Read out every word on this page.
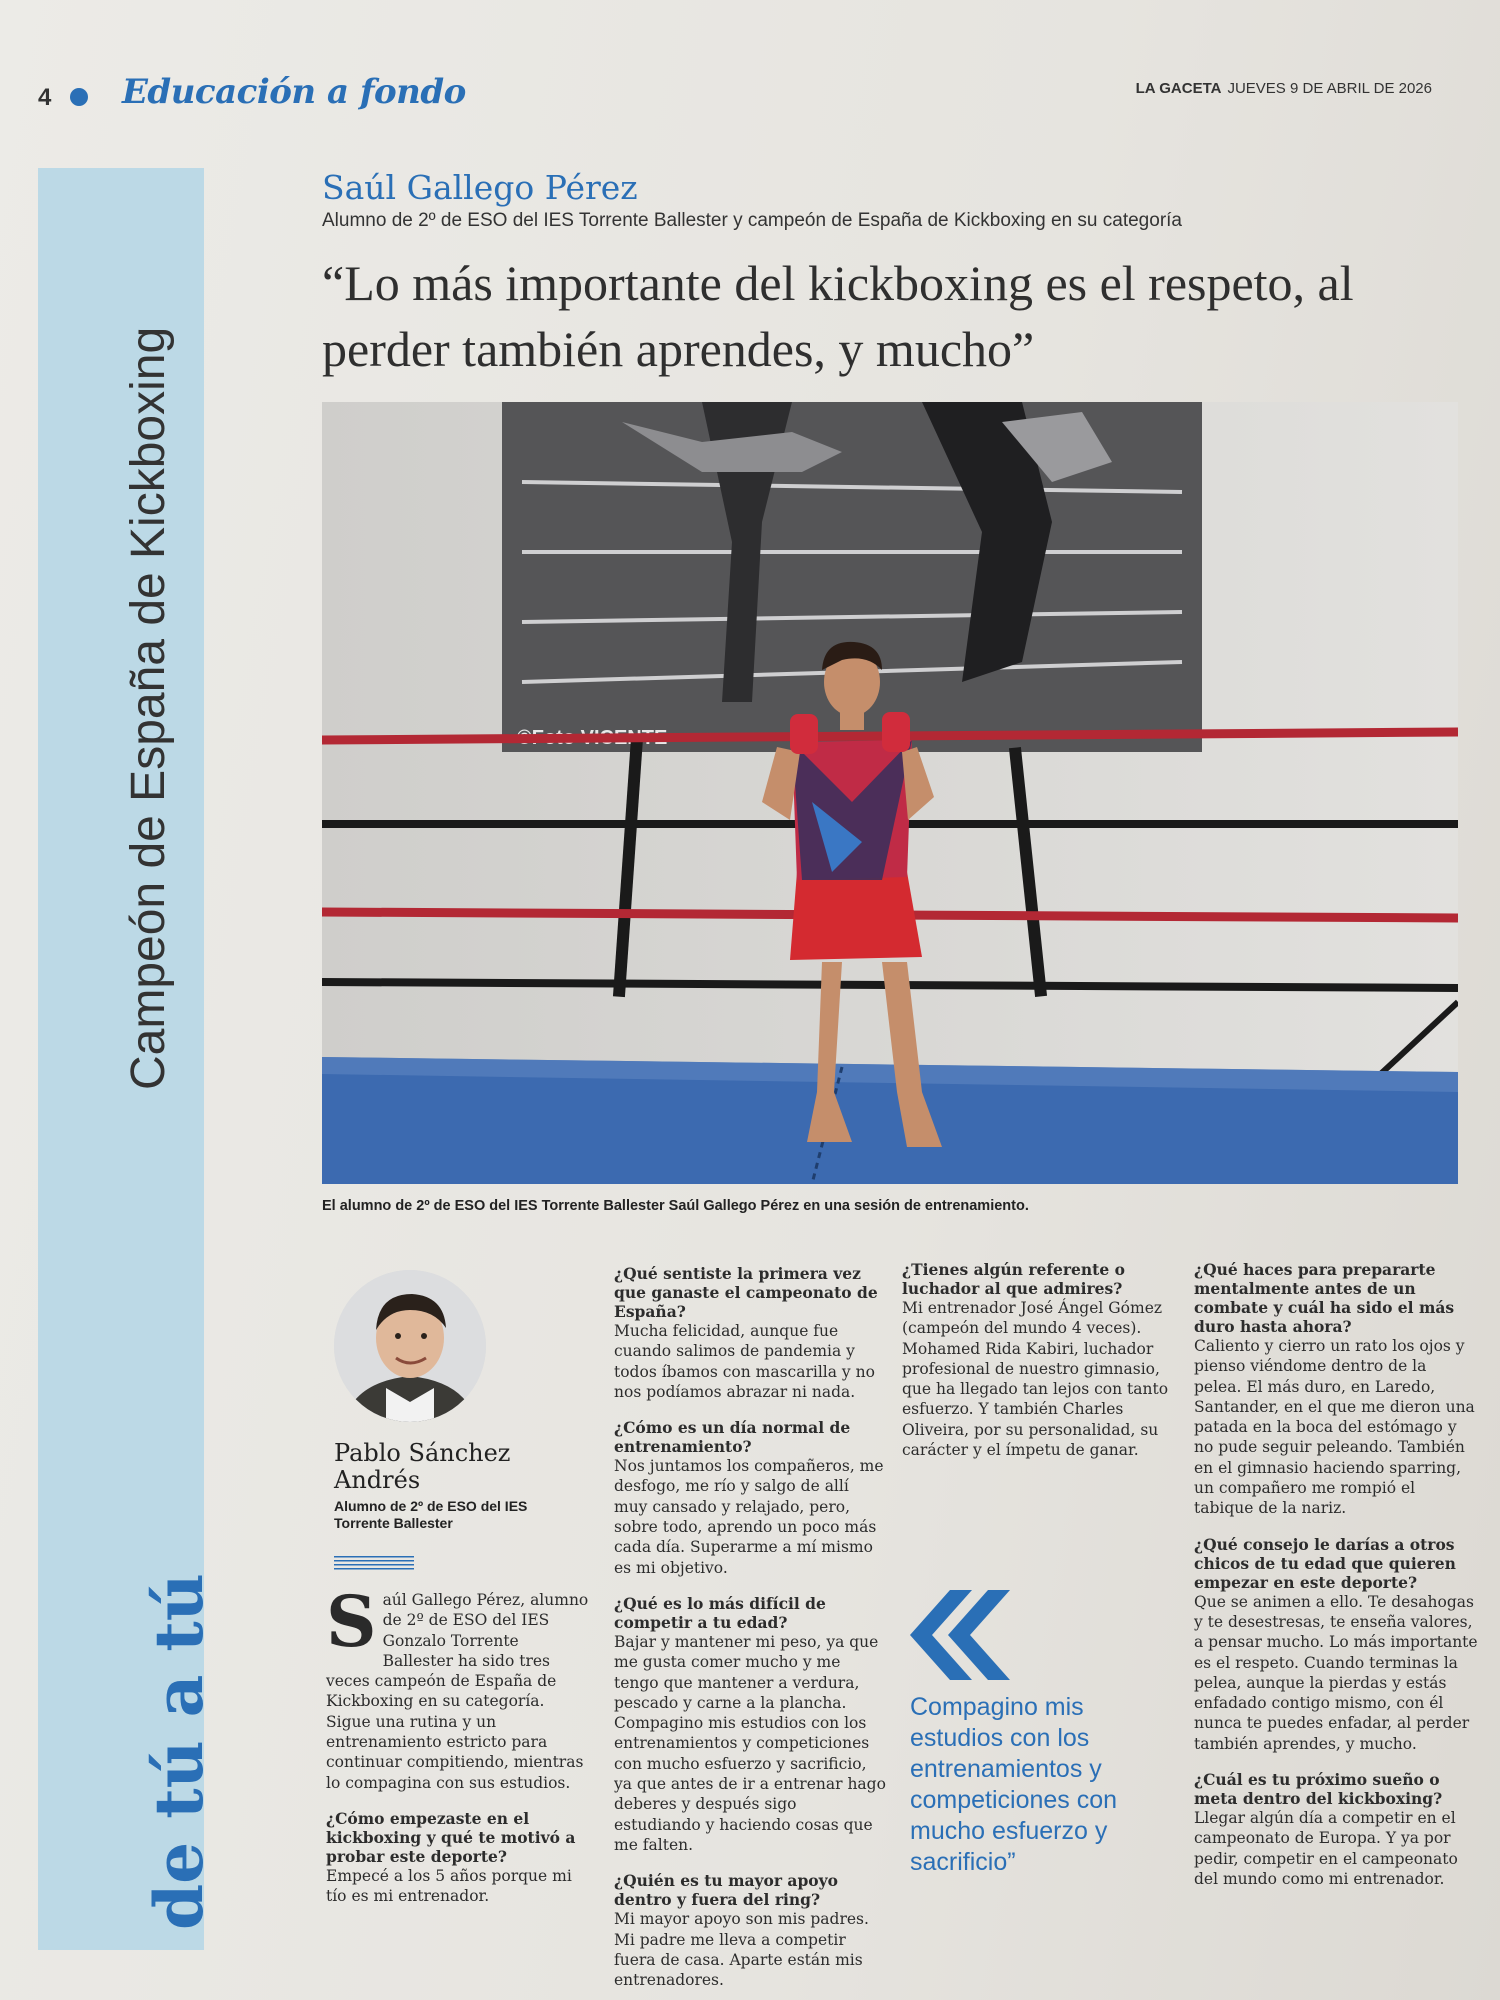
4 Educación a fondo	LA GACETA JUEVES 9 DE ABRIL DE 2026
Campeón de España de Kickboxing
de tú a tú
Saúl Gallego Pérez
Alumno de 2º de ESO del IES Torrente Ballester y campeón de España de Kickboxing en su categoría
“Lo más importante del kickboxing es el respeto, al perder también aprendes, y mucho”
El alumno de 2º de ESO del IES Torrente Ballester Saúl Gallego Pérez en una sesión de entrenamiento.
Pablo Sánchez Andrés
Alumno de 2º de ESO del IES Torrente Ballester

Saúl Gallego Pérez, alumno de 2º de ESO del IES Gonzalo Torrente Ballester ha sido tres veces campeón de España de Kickboxing en su categoría. Sigue una rutina y un entrenamiento estricto para continuar compitiendo, mientras lo compagina con sus estudios.

¿Cómo empezaste en el kickboxing y qué te motivó a probar este deporte?
Empecé a los 5 años porque mi tío es mi entrenador.

¿Qué sentiste la primera vez que ganaste el campeonato de España?
Mucha felicidad, aunque fue cuando salimos de pandemia y todos íbamos con mascarilla y no nos podíamos abrazar ni nada.

¿Cómo es un día normal de entrenamiento?
Nos juntamos los compañeros, me desfogo, me río y salgo de allí muy cansado y relajado, pero, sobre todo, aprendo un poco más cada día. Superarme a mí mismo es mi objetivo.

¿Qué es lo más difícil de competir a tu edad?
Bajar y mantener mi peso, ya que me gusta comer mucho y me tengo que mantener a verdura, pescado y carne a la plancha. Compagino mis estudios con los entrenamientos y competiciones con mucho esfuerzo y sacrificio, ya que antes de ir a entrenar hago deberes y después sigo estudiando y haciendo cosas que me falten.

¿Quién es tu mayor apoyo dentro y fuera del ring?
Mi mayor apoyo son mis padres. Mi padre me lleva a competir fuera de casa. Aparte están mis entrenadores.

¿Tienes algún referente o luchador al que admires?
Mi entrenador José Ángel Gómez (campeón del mundo 4 veces). Mohamed Rida Kabiri, luchador profesional de nuestro gimnasio, que ha llegado tan lejos con tanto esfuerzo. Y también Charles Oliveira, por su personalidad, su carácter y el ímpetu de ganar.

Compagino mis estudios con los entrenamientos y competiciones con mucho esfuerzo y sacrificio”

¿Qué haces para prepararte mentalmente antes de un combate y cuál ha sido el más duro hasta ahora?
Caliento y cierro un rato los ojos y pienso viéndome dentro de la pelea. El más duro, en Laredo, Santander, en el que me dieron una patada en la boca del estómago y no pude seguir peleando. También en el gimnasio haciendo sparring, un compañero me rompió el tabique de la nariz.

¿Qué consejo le darías a otros chicos de tu edad que quieren empezar en este deporte?
Que se animen a ello. Te desahogas y te desestresas, te enseña valores, a pensar mucho. Lo más importante es el respeto. Cuando terminas la pelea, aunque la pierdas y estás enfadado contigo mismo, con él nunca te puedes enfadar, al perder también aprendes, y mucho.

¿Cuál es tu próximo sueño o meta dentro del kickboxing?
Llegar algún día a competir en el campeonato de Europa. Y ya por pedir, competir en el campeonato del mundo como mi entrenador.
